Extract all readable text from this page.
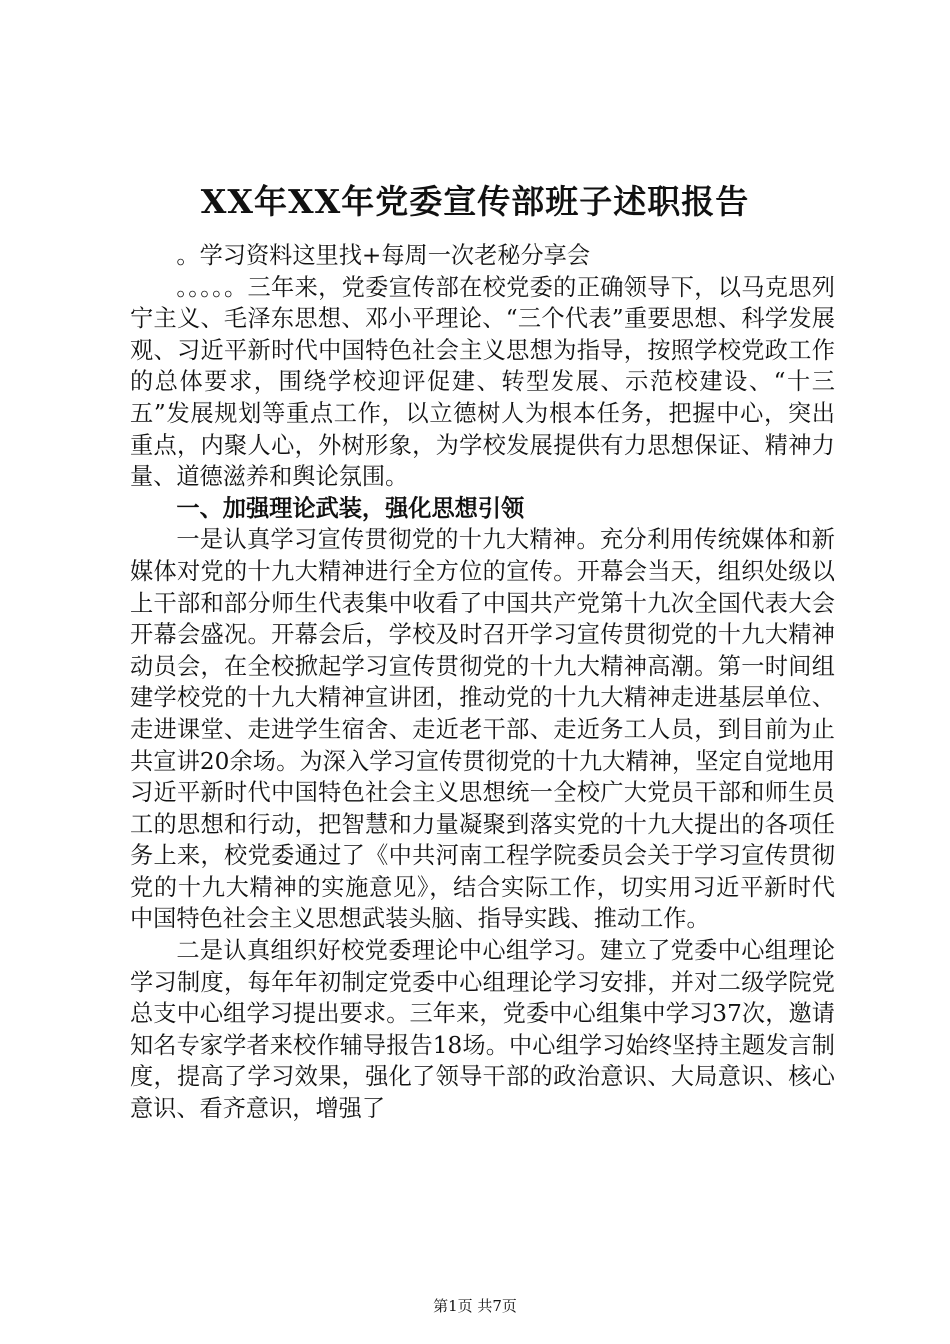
XX年XX年党委宣传部班子述职报告

。学习资料这里找+每周一次老秘分享会

。。。。。三年来，党委宣传部在校党委的正确领导下，以马克思列宁主义、毛泽东思想、邓小平理论、“三个代表”重要思想、科学发展观、习近平新时代中国特色社会主义思想为指导，按照学校党政工作的总体要求，围绕学校迎评促建、转型发展、示范校建设、“十三五”发展规划等重点工作，以立德树人为根本任务，把握中心，突出重点，内聚人心，外树形象，为学校发展提供有力思想保证、精神力量、道德滋养和舆论氛围。

一、加强理论武装，强化思想引领

一是认真学习宣传贯彻党的十九大精神。充分利用传统媒体和新媒体对党的十九大精神进行全方位的宣传。开幕会当天，组织处级以上干部和部分师生代表集中收看了中国共产党第十九次全国代表大会开幕会盛况。开幕会后，学校及时召开学习宣传贯彻党的十九大精神动员会，在全校掀起学习宣传贯彻党的十九大精神高潮。第一时间组建学校党的十九大精神宣讲团，推动党的十九大精神走进基层单位、走进课堂、走进学生宿舍、走近老干部、走近务工人员，到目前为止共宣讲20余场。为深入学习宣传贯彻党的十九大精神，坚定自觉地用习近平新时代中国特色社会主义思想统一全校广大党员干部和师生员工的思想和行动，把智慧和力量凝聚到落实党的十九大提出的各项任务上来，校党委通过了《中共河南工程学院委员会关于学习宣传贯彻党的十九大精神的实施意见》，结合实际工作，切实用习近平新时代中国特色社会主义思想武装头脑、指导实践、推动工作。

二是认真组织好校党委理论中心组学习。建立了党委中心组理论学习制度，每年年初制定党委中心组理论学习安排，并对二级学院党总支中心组学习提出要求。三年来，党委中心组集中学习37次，邀请知名专家学者来校作辅导报告18场。中心组学习始终坚持主题发言制度，提高了学习效果，强化了领导干部的政治意识、大局意识、核心意识、看齐意识，增强了

第1页 共7页
